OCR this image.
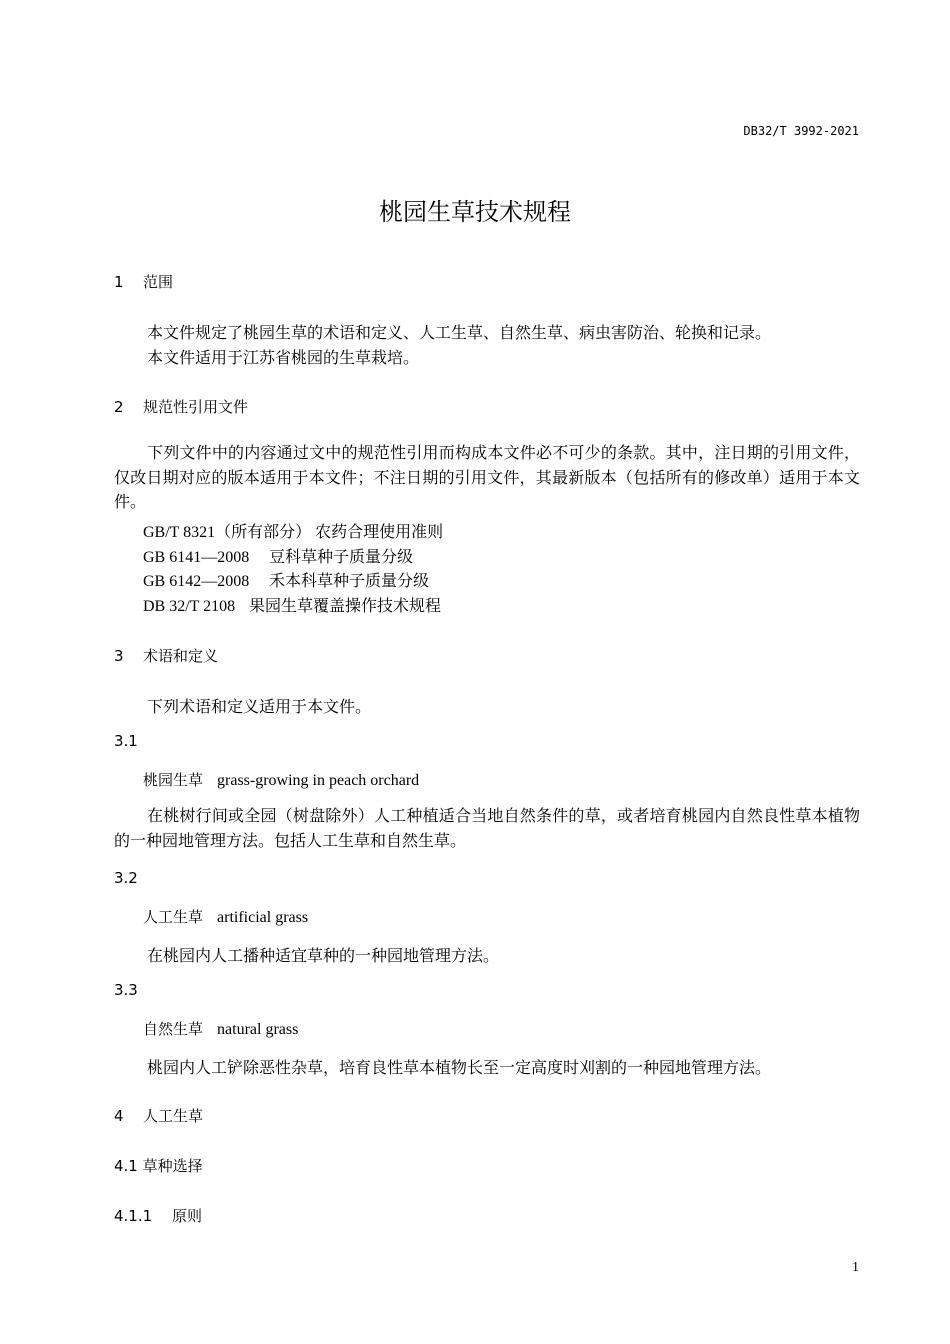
DB32/T 3992-2021
桃园生草技术规程
1 范围
本文件规定了桃园生草的术语和定义、人工生草、自然生草、病虫害防治、轮换和记录。
本文件适用于江苏省桃园的生草栽培。
2 规范性引用文件
下列文件中的内容通过文中的规范性引用而构成本文件必不可少的条款。其中，注日期的引用文件，仅改日期对应的版本适用于本文件；不注日期的引用文件，其最新版本（包括所有的修改单）适用于本文件。
GB/T 8321（所有部分） 农药合理使用准则
GB 6141—2008 豆科草种子质量分级
GB 6142—2008 禾本科草种子质量分级
DB 32/T 2108 果园生草覆盖操作技术规程
3 术语和定义
下列术语和定义适用于本文件。
3.1
桃园生草 grass-growing in peach orchard
在桃树行间或全园（树盘除外）人工种植适合当地自然条件的草，或者培育桃园内自然良性草本植物的一种园地管理方法。包括人工生草和自然生草。
3.2
人工生草 artificial grass
在桃园内人工播种适宜草种的一种园地管理方法。
3.3
自然生草 natural grass
桃园内人工铲除恶性杂草，培育良性草本植物长至一定高度时刈割的一种园地管理方法。
4 人工生草
4.1 草种选择
4.1.1 原则
1
